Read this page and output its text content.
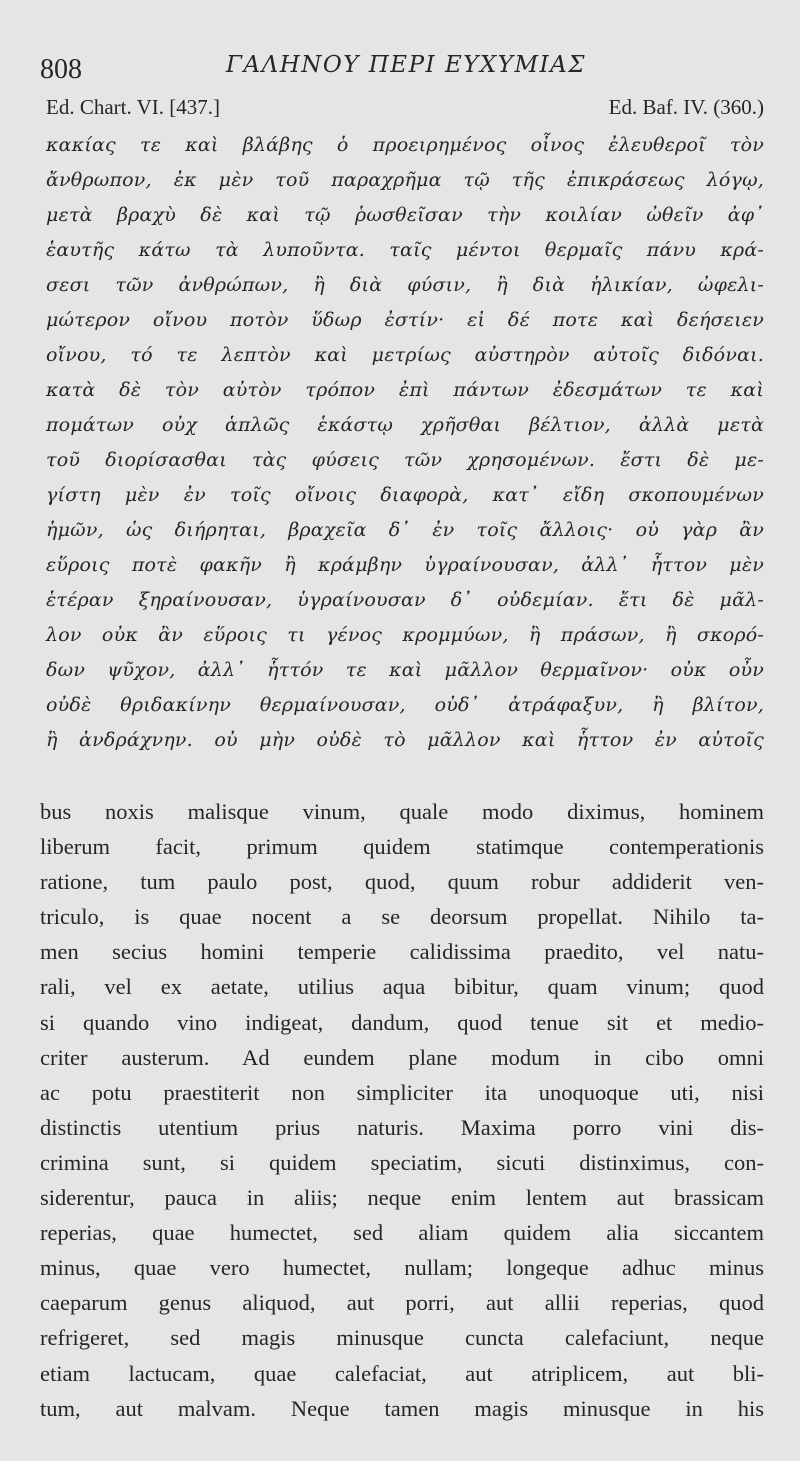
808	ΓΑΛΗΝΟΥ ΠΕΡΙ ΕΥΧΥΜΙΑΣ
Ed. Chart. VI. [437.]	Ed. Baf. IV. (360.)
κακίας τε καὶ βλάβης ὁ προειρημένος οἶνος ἐλευθεροῖ τὸν
ἄνθρωπον, ἐκ μὲν τοῦ παραχρῆμα τῷ τῆς ἐπικράσεως λόγῳ,
μετὰ βραχὺ δὲ καὶ τῷ ῥωσθεῖσαν τὴν κοιλίαν ὠθεῖν ἀφ᾽
ἑαυτῆς κάτω τὰ λυποῦντα. ταῖς μέντοι θερμαῖς πάνυ κρά-
σεσι τῶν ἀνθρώπων, ἢ διὰ φύσιν, ἢ διὰ ἡλικίαν, ὠφελι-
μώτερον οἴνου ποτὸν ὕδωρ ἐστίν· εἰ δέ ποτε καὶ δεήσειεν
οἴνου, τό τε λεπτὸν καὶ μετρίως αὐστηρὸν αὐτοῖς διδόναι.
κατὰ δὲ τὸν αὐτὸν τρόπον ἐπὶ πάντων ἐδεσμάτων τε καὶ
πομάτων οὐχ ἁπλῶς ἑκάστῳ χρῆσθαι βέλτιον, ἀλλὰ μετὰ
τοῦ διορίσασθαι τὰς φύσεις τῶν χρησομένων. ἔστι δὲ με-
γίστη μὲν ἐν τοῖς οἴνοις διαφορὰ, κατ᾽ εἴδη σκοπουμένων
ἡμῶν, ὡς διήρηται, βραχεῖα δ᾽ ἐν τοῖς ἄλλοις· οὐ γὰρ ἂν
εὕροις ποτὲ φακῆν ἢ κράμβην ὑγραίνουσαν, ἀλλ᾽ ἧττον μὲν
ἑτέραν ξηραίνουσαν, ὑγραίνουσαν δ᾽ οὐδεμίαν. ἔτι δὲ μᾶλ-
λον οὐκ ἂν εὕροις τι γένος κρομμύων, ἢ πράσων, ἢ σκορό-
δων ψῦχον, ἀλλ᾽ ἧττόν τε καὶ μᾶλλον θερμαῖνον· οὐκ οὖν
οὐδὲ θριδακίνην θερμαίνουσαν, οὐδ᾽ ἀτράφαξυν, ἢ βλίτον,
ἢ ἀνδράχνην. οὐ μὴν οὐδὲ τὸ μᾶλλον καὶ ἧττον ἐν αὐτοῖς
bus noxis malisque vinum, quale modo diximus, hominem
liberum facit, primum quidem statimque contemperationis
ratione, tum paulo post, quod, quum robur addiderit ven-
triculo, is quae nocent a se deorsum propellat. Nihilo ta-
men secius homini temperie calidissima praedito, vel natu-
rali, vel ex aetate, utilius aqua bibitur, quam vinum; quod
si quando vino indigeat, dandum, quod tenue sit et medio-
criter austerum. Ad eundem plane modum in cibo omni
ac potu praestiterit non simpliciter ita unoquoque uti, nisi
distinctis utentium prius naturis. Maxima porro vini dis-
crimina sunt, si quidem speciatim, sicuti distinximus, con-
siderentur, pauca in aliis; neque enim lentem aut brassicam
reperias, quae humectet, sed aliam quidem alia siccantem
minus, quae vero humectet, nullam; longeque adhuc minus
caeparum genus aliquod, aut porri, aut allii reperias, quod
refrigeret, sed magis minusque cuncta calefaciunt, neque
etiam lactucam, quae calefaciat, aut atriplicem, aut bli-
tum, aut malvam. Neque tamen magis minusque in his
